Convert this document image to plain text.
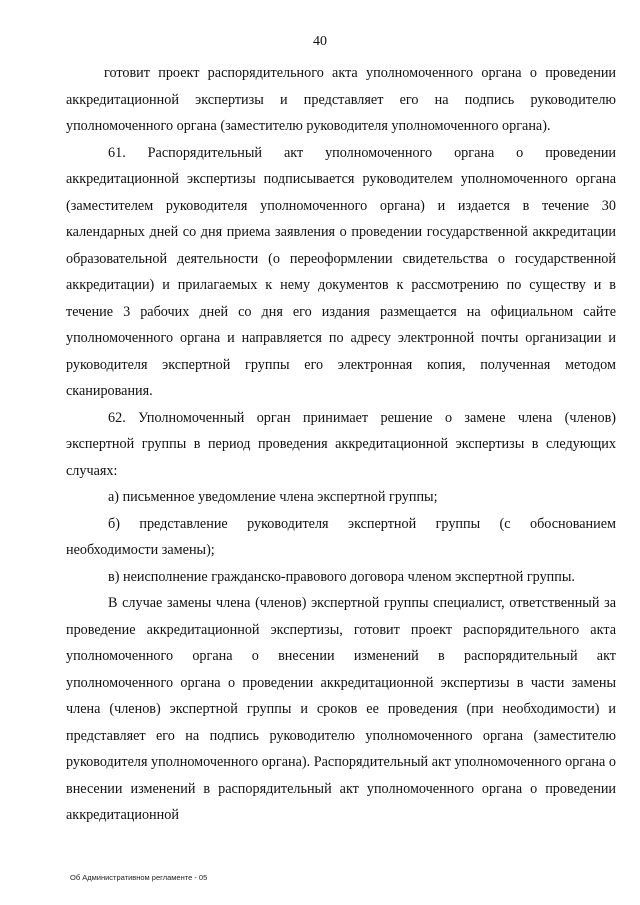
40

готовит проект распорядительного акта уполномоченного органа о проведении аккредитационной экспертизы и представляет его на подпись руководителю уполномоченного органа (заместителю руководителя уполномоченного органа).

61. Распорядительный акт уполномоченного органа о проведении аккредитационной экспертизы подписывается руководителем уполномоченного органа (заместителем руководителя уполномоченного органа) и издается в течение 30 календарных дней со дня приема заявления о проведении государственной аккредитации образовательной деятельности (о переоформлении свидетельства о государственной аккредитации) и прилагаемых к нему документов к рассмотрению по существу и в течение 3 рабочих дней со дня его издания размещается на официальном сайте уполномоченного органа и направляется по адресу электронной почты организации и руководителя экспертной группы его электронная копия, полученная методом сканирования.

62. Уполномоченный орган принимает решение о замене члена (членов) экспертной группы в период проведения аккредитационной экспертизы в следующих случаях:

а) письменное уведомление члена экспертной группы;

б) представление руководителя экспертной группы (с обоснованием необходимости замены);

в) неисполнение гражданско-правового договора членом экспертной группы.

В случае замены члена (членов) экспертной группы специалист, ответственный за проведение аккредитационной экспертизы, готовит проект распорядительного акта уполномоченного органа о внесении изменений в распорядительный акт уполномоченного органа о проведении аккредитационной экспертизы в части замены члена (членов) экспертной группы и сроков ее проведения (при необходимости) и представляет его на подпись руководителю уполномоченного органа (заместителю руководителя уполномоченного органа). Распорядительный акт уполномоченного органа о внесении изменений в распорядительный акт уполномоченного органа о проведении аккредитационной

Об Административном регламенте - 05
